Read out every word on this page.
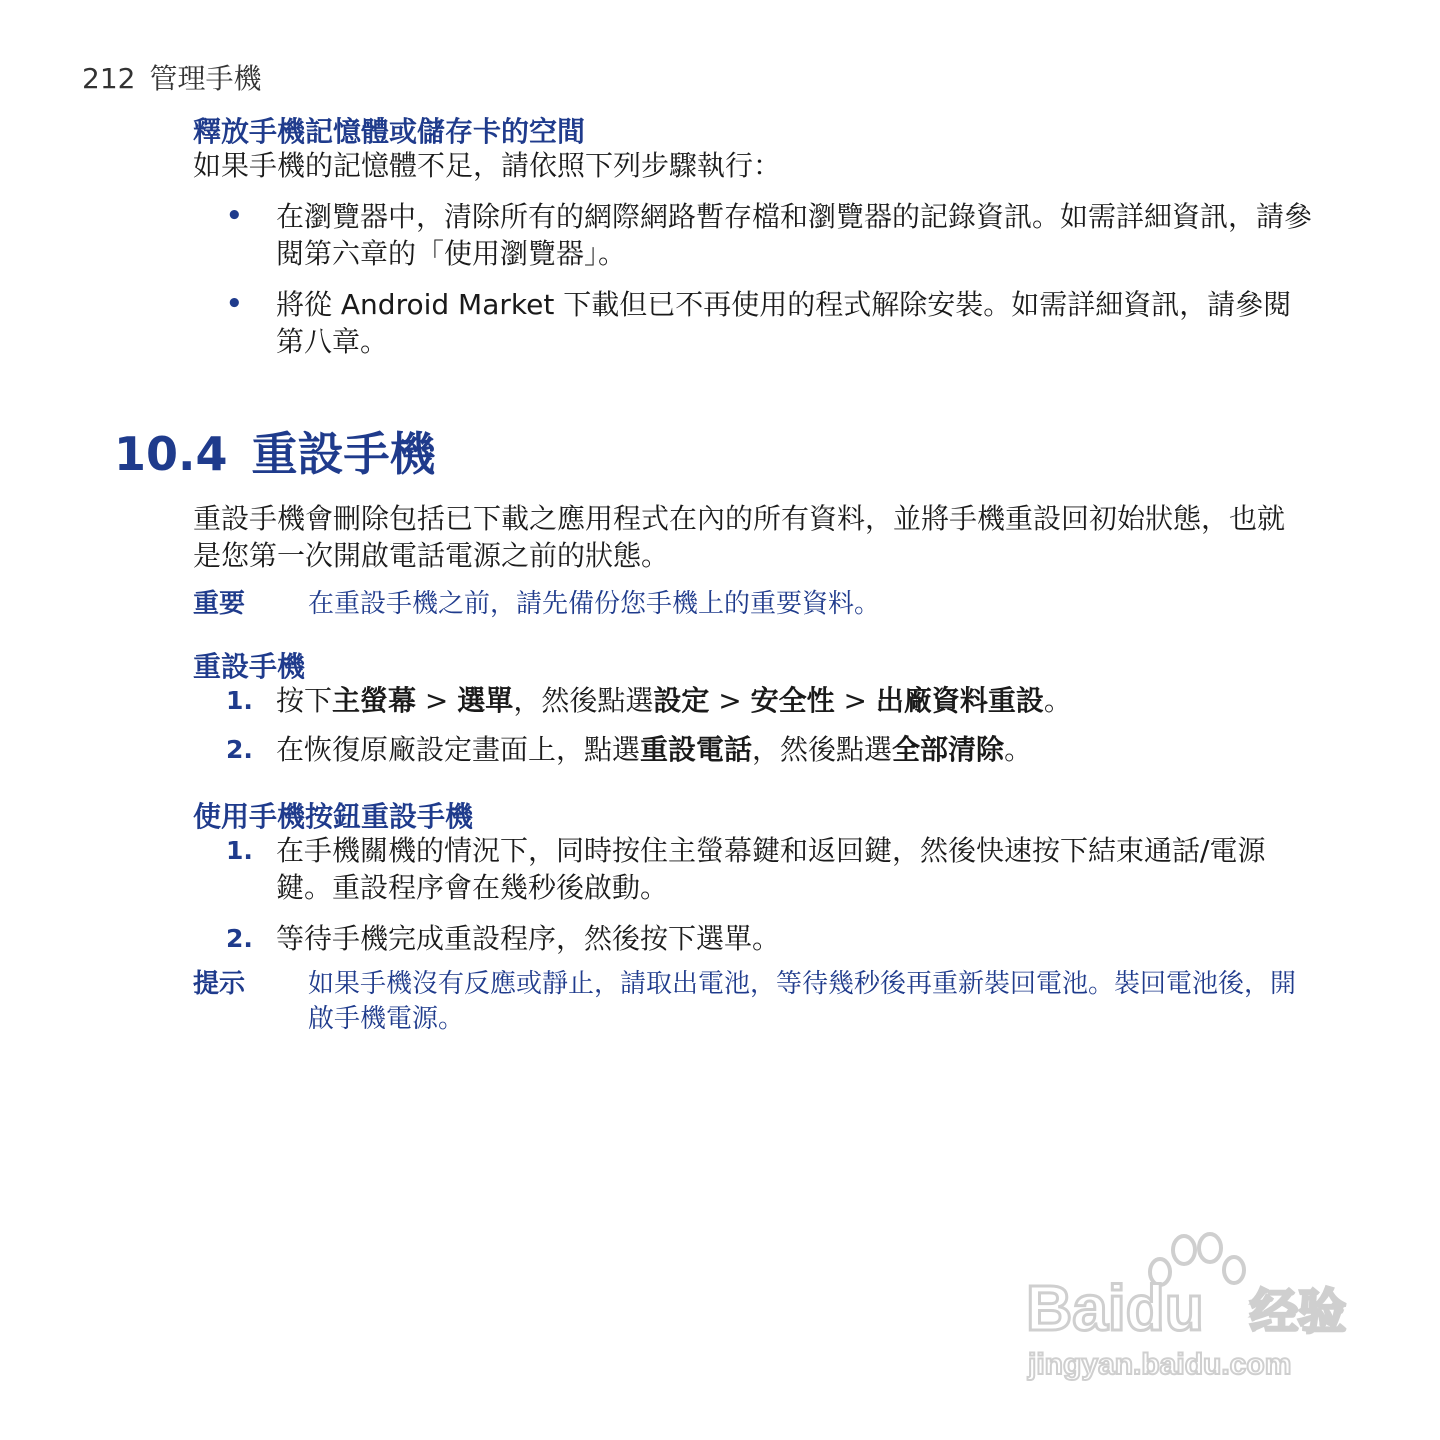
212 管理手機
釋放手機記憶體或儲存卡的空間
如果手機的記憶體不足，請依照下列步驟執行：
•	在瀏覽器中，清除所有的網際網路暫存檔和瀏覽器的記錄資訊。如需詳細資訊，請參閱第六章的「使用瀏覽器」。
•	將從 Android Market 下載但已不再使用的程式解除安裝。如需詳細資訊，請參閱第八章。
10.4 重設手機
重設手機會刪除包括已下載之應用程式在內的所有資料，並將手機重設回初始狀態，也就是您第一次開啟電話電源之前的狀態。
重要	在重設手機之前，請先備份您手機上的重要資料。
重設手機
1. 按下主螢幕 > 選單，然後點選設定 > 安全性 > 出廠資料重設。
2. 在恢復原廠設定畫面上，點選重設電話，然後點選全部清除。
使用手機按鈕重設手機
1. 在手機關機的情況下，同時按住主螢幕鍵和返回鍵，然後快速按下結束通話/電源鍵。重設程序會在幾秒後啟動。
2. 等待手機完成重設程序，然後按下選單。
提示	如果手機沒有反應或靜止，請取出電池，等待幾秒後再重新裝回電池。裝回電池後，開啟手機電源。
Baidu 经验
jingyan.baidu.com
